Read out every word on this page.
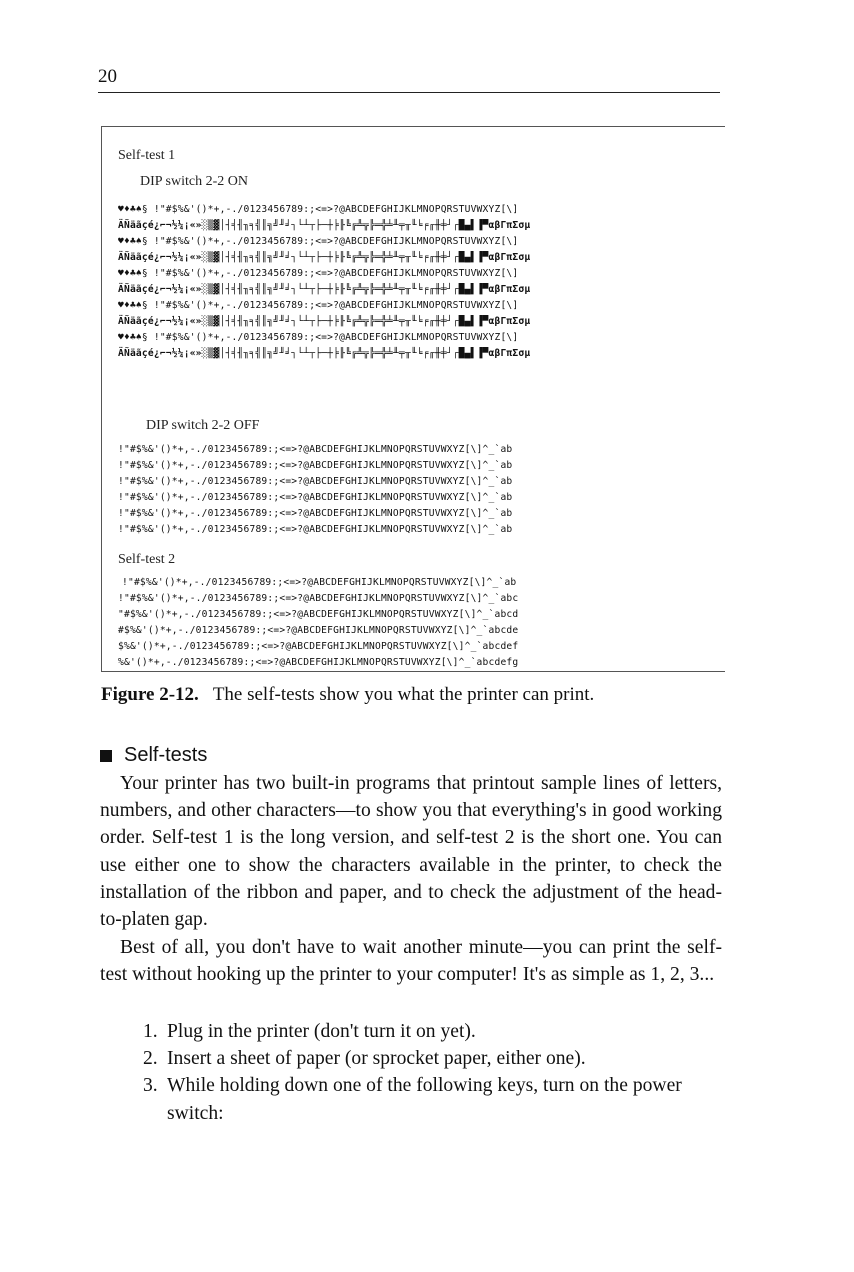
20
Self-test 1
DIP switch 2-2 ON
♥♦♣♠§ !"#$%&'()*+,-./0123456789:;<=>?@ABCDEFGHIJKLMNOPQRSTUVWXYZ[\]
ÄÑäãçé¿⌐¬½¼¡«»░▒▓│┤╡╢╖╕╣║╗╝╜╛┐└┴┬├─┼╞╟╚╔╩╦╠═╬╧╨╤╥╙╘╒╓╫╪┘┌█▄▌▐▀αβΓπΣσµ
♥♦♣♠§ !"#$%&'()*+,-./0123456789:;<=>?@ABCDEFGHIJKLMNOPQRSTUVWXYZ[\]
ÄÑäãçé¿⌐¬½¼¡«»░▒▓│┤╡╢╖╕╣║╗╝╜╛┐└┴┬├─┼╞╟╚╔╩╦╠═╬╧╨╤╥╙╘╒╓╫╪┘┌█▄▌▐▀αβΓπΣσµ
♥♦♣♠§ !"#$%&'()*+,-./0123456789:;<=>?@ABCDEFGHIJKLMNOPQRSTUVWXYZ[\]
ÄÑäãçé¿⌐¬½¼¡«»░▒▓│┤╡╢╖╕╣║╗╝╜╛┐└┴┬├─┼╞╟╚╔╩╦╠═╬╧╨╤╥╙╘╒╓╫╪┘┌█▄▌▐▀αβΓπΣσµ
♥♦♣♠§ !"#$%&'()*+,-./0123456789:;<=>?@ABCDEFGHIJKLMNOPQRSTUVWXYZ[\]
ÄÑäãçé¿⌐¬½¼¡«»░▒▓│┤╡╢╖╕╣║╗╝╜╛┐└┴┬├─┼╞╟╚╔╩╦╠═╬╧╨╤╥╙╘╒╓╫╪┘┌█▄▌▐▀αβΓπΣσµ
♥♦♣♠§ !"#$%&'()*+,-./0123456789:;<=>?@ABCDEFGHIJKLMNOPQRSTUVWXYZ[\]
ÄÑäãçé¿⌐¬½¼¡«»░▒▓│┤╡╢╖╕╣║╗╝╜╛┐└┴┬├─┼╞╟╚╔╩╦╠═╬╧╨╤╥╙╘╒╓╫╪┘┌█▄▌▐▀αβΓπΣσµ
DIP switch 2-2 OFF
!"#$%&'()*+,-./0123456789:;<=>?@ABCDEFGHIJKLMNOPQRSTUVWXYZ[\]^_`ab
!"#$%&'()*+,-./0123456789:;<=>?@ABCDEFGHIJKLMNOPQRSTUVWXYZ[\]^_`ab
!"#$%&'()*+,-./0123456789:;<=>?@ABCDEFGHIJKLMNOPQRSTUVWXYZ[\]^_`ab
!"#$%&'()*+,-./0123456789:;<=>?@ABCDEFGHIJKLMNOPQRSTUVWXYZ[\]^_`ab
!"#$%&'()*+,-./0123456789:;<=>?@ABCDEFGHIJKLMNOPQRSTUVWXYZ[\]^_`ab
!"#$%&'()*+,-./0123456789:;<=>?@ABCDEFGHIJKLMNOPQRSTUVWXYZ[\]^_`ab
Self-test 2
!"#$%&'()*+,-./0123456789:;<=>?@ABCDEFGHIJKLMNOPQRSTUVWXYZ[\]^_`ab
!"#$%&'()*+,-./0123456789:;<=>?@ABCDEFGHIJKLMNOPQRSTUVWXYZ[\]^_`abc
"#$%&'()*+,-./0123456789:;<=>?@ABCDEFGHIJKLMNOPQRSTUVWXYZ[\]^_`abcd
#$%&'()*+,-./0123456789:;<=>?@ABCDEFGHIJKLMNOPQRSTUVWXYZ[\]^_`abcde
$%&'()*+,-./0123456789:;<=>?@ABCDEFGHIJKLMNOPQRSTUVWXYZ[\]^_`abcdef
%&'()*+,-./0123456789:;<=>?@ABCDEFGHIJKLMNOPQRSTUVWXYZ[\]^_`abcdefg
Figure 2-12. The self-tests show you what the printer can print.
Self-tests

Your printer has two built-in programs that printout sample lines of letters, numbers, and other characters—to show you that everything's in good working order. Self-test 1 is the long version, and self-test 2 is the short one. You can use either one to show the characters available in the printer, to check the installation of the ribbon and paper, and to check the adjustment of the head-to-platen gap.

Best of all, you don't have to wait another minute—you can print the self-test without hooking up the printer to your computer! It's as simple as 1, 2, 3...

1. Plug in the printer (don't turn it on yet).
2. Insert a sheet of paper (or sprocket paper, either one).
3. While holding down one of the following keys, turn on the power switch:
